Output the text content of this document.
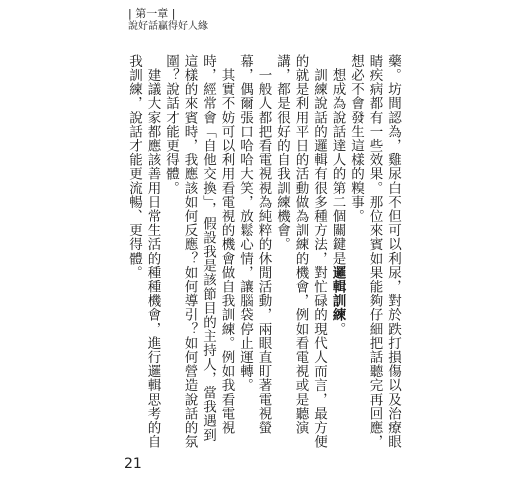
| 第一章 |
說好話贏得好人緣

藥。坊間認為，雞尿白不但可以利尿，對於跌打損傷以及治療眼睛疾病都有一些效果。那位來賓如果能夠仔細把話聽完再回應，想必不會發生這樣的糗事。

　想成為說話達人的第二個關鍵是邏輯訓練。

　訓練說話的邏輯有很多種方法，對忙碌的現代人而言，最方便的就是利用平日的活動做為訓練的機會，例如看電視或是聽演講，都是很好的自我訓練機會。

　一般人都把看電視視為純粹的休閒活動，兩眼直盯著電視螢幕，偶爾張口哈哈大笑，放鬆心情，讓腦袋停止運轉。

　其實不妨可以利用看電視的機會做自我訓練。例如我看電視時，經常會「自他交換」，假設我是該節目的主持人，當我遇到這樣的來賓時，我應該如何反應？如何導引？如何營造說話的氛圍？說話才能更得體。

　建議大家都應該善用日常生活的種種機會，進行邏輯思考的自我訓練，說話才能更流暢、更得體。

21
